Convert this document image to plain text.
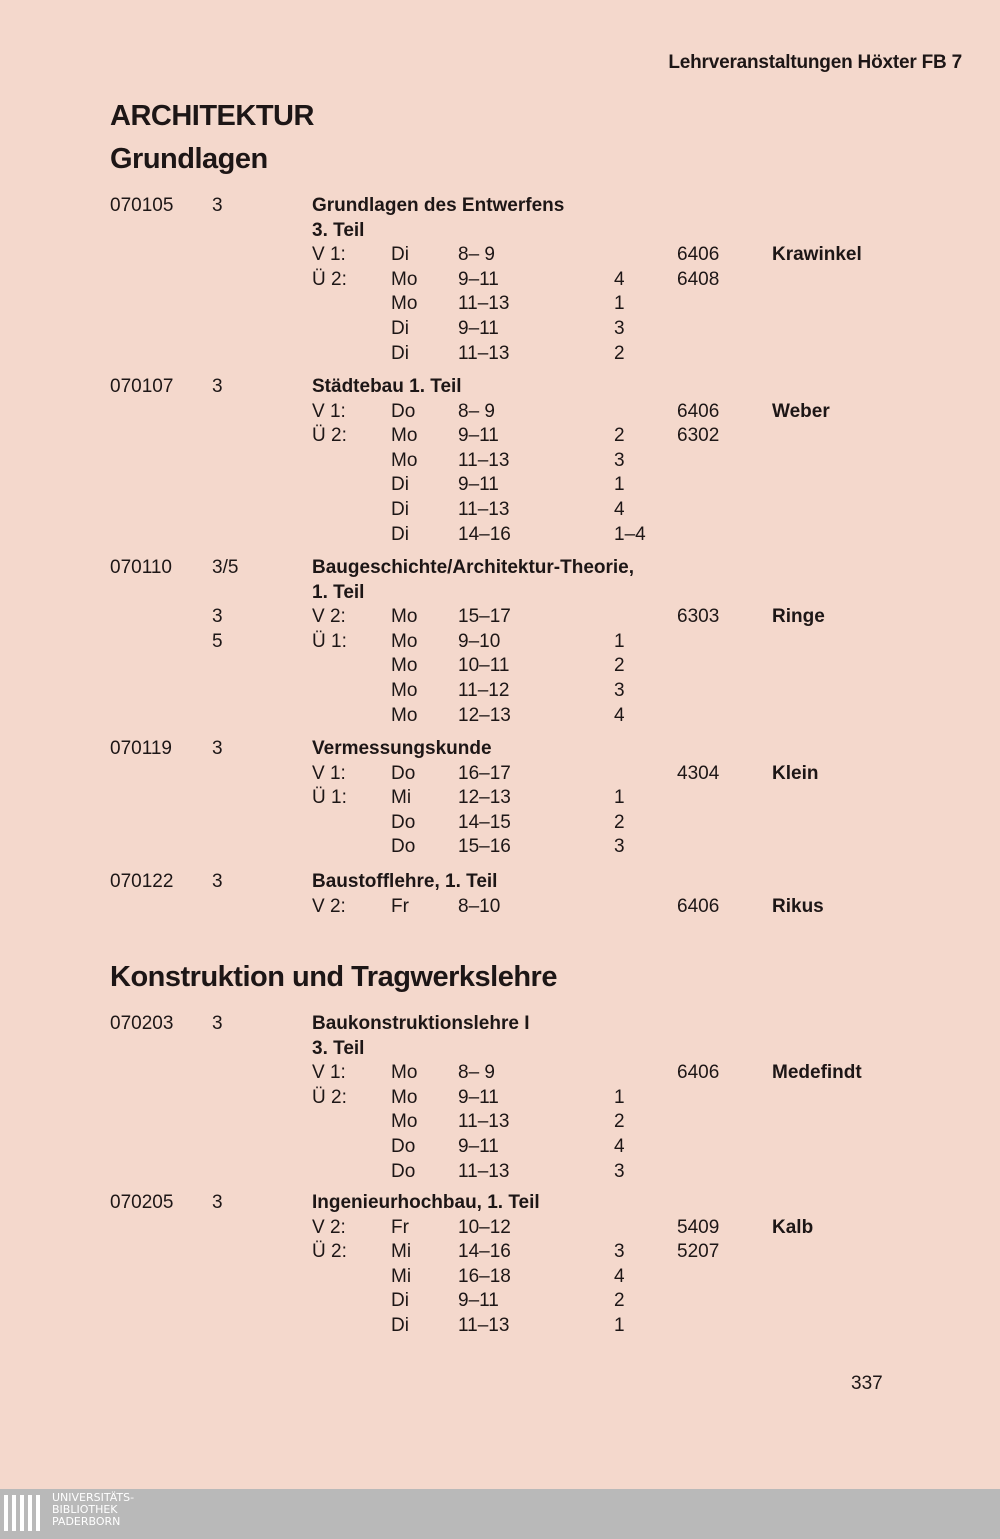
Lehrveranstaltungen Höxter FB 7
ARCHITEKTUR
Grundlagen
Konstruktion und Tragwerkslehre
070105 3	Grundlagen des Entwerfens
3. Teil
V 1: Di	8– 9	6406	Krawinkel
Ü 2: Mo 9–11	4	6408
Mo 11–13	1
Di	9–11	3
Di	11–13	2
070107 3	Städtebau 1. Teil
V 1: Do 8– 9	6406	Weber
Ü 2: Mo 9–11	2	6302
Mo 11–13	3
Di	9–11	1
Di	11–13	4
Di	14–16	1–4
070110 3/5	Baugeschichte/Architektur-Theorie,
1. Teil
3	V 2: Mo 15–17	6303	Ringe
5	Ü 1: Mo 9–10	1
Mo 10–11	2
Mo 11–12	3
Mo 12–13	4
070119 3	Vermessungskunde
V 1: Do 16–17	4304	Klein
Ü 1: Mi 12–13	1
Do 14–15	2
Do 15–16	3
070122 3	Baustofflehre, 1. Teil
V 2: Fr	8–10	6406	Rikus
070203 3	Baukonstruktionslehre I
3. Teil
V 1: Mo 8– 9	6406	Medefindt
Ü 2: Mo 9–11	1
Mo 11–13	2
Do 9–11	4
Do 11–13	3
070205 3	Ingenieurhochbau, 1. Teil
V 2: Fr	10–12	5409	Kalb
Ü 2: Mi 14–16	3	5207
Mi 16–18	4
Di	9–11	2
Di	11–13	1
337
UNIVERSITÄTS-
BIBLIOTHEK
PADERBORN
